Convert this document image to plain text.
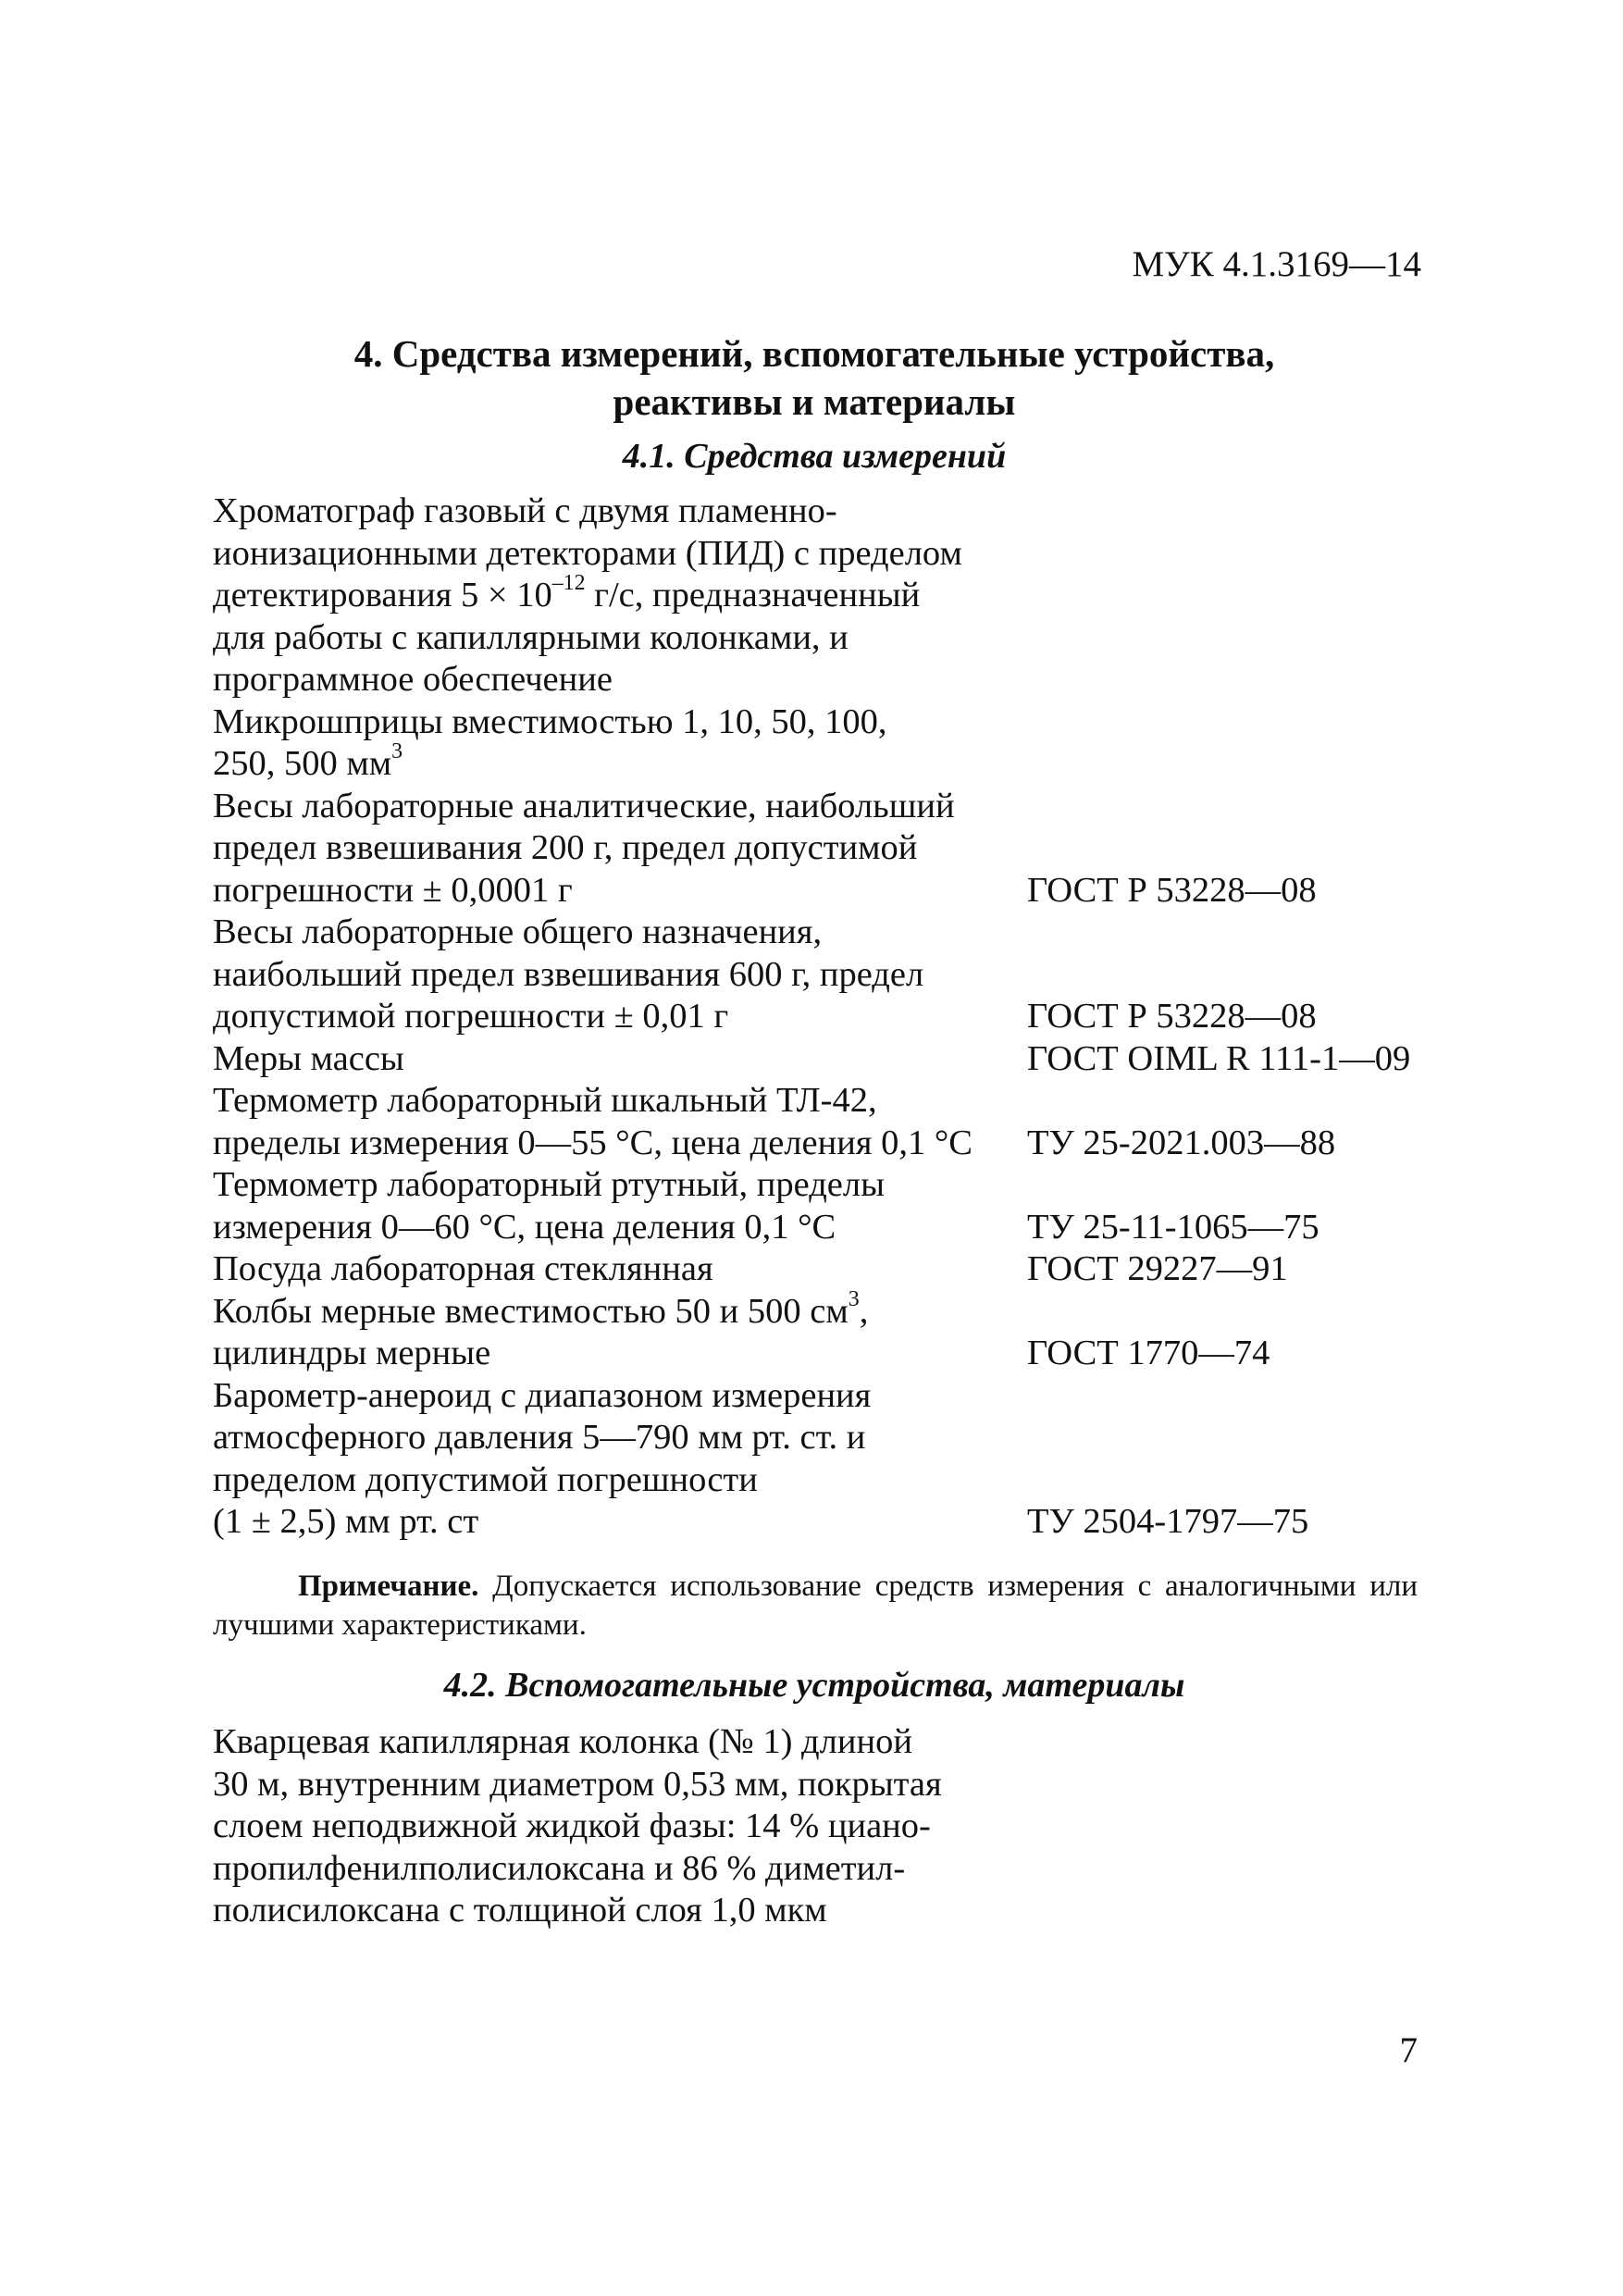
МУК 4.1.3169—14
4. Средства измерений, вспомогательные устройства,
реактивы и материалы
4.1. Средства измерений
Хроматограф газовый с двумя пламенно-
ионизационными детекторами (ПИД) с пределом
детектирования $5 \times 10^{-12}$ г/с, предназначенный
для работы с капиллярными колонками, и
программное обеспечение
Микрошприцы вместимостью 1, 10, 50, 100,
250, 500 $мм^3$
Весы лабораторные аналитические, наибольший
предел взвешивания 200 г, предел допустимой
погрешности ± 0,0001 г	ГОСТ Р 53228—08
Весы лабораторные общего назначения,
наибольший предел взвешивания 600 г, предел
допустимой погрешности ± 0,01 г	ГОСТ Р 53228—08
Меры массы	ГОСТ OIML R 111-1—09
Термометр лабораторный шкальный ТЛ-42,
пределы измерения 0—55 °С, цена деления 0,1 °С	ТУ 25-2021.003—88
Термометр лабораторный ртутный, пределы
измерения 0—60 °С, цена деления 0,1 °С	ТУ 25-11-1065—75
Посуда лабораторная стеклянная	ГОСТ 29227—91
Колбы мерные вместимостью 50 и 500 $см^3$,
цилиндры мерные	ГОСТ 1770—74
Барометр-анероид с диапазоном измерения
атмосферного давления 5—790 мм рт. ст. и
пределом допустимой погрешности
(1 ± 2,5) мм рт. ст	ТУ 2504-1797—75
Примечание. Допускается использование средств измерения с аналогичными или лучшими характеристиками.
4.2. Вспомогательные устройства, материалы
Кварцевая капиллярная колонка (№ 1) длиной
30 м, внутренним диаметром 0,53 мм, покрытая
слоем неподвижной жидкой фазы: 14 % циано-
пропилфенилполисилоксана и 86 % диметил-
полисилоксана с толщиной слоя 1,0 мкм
7
